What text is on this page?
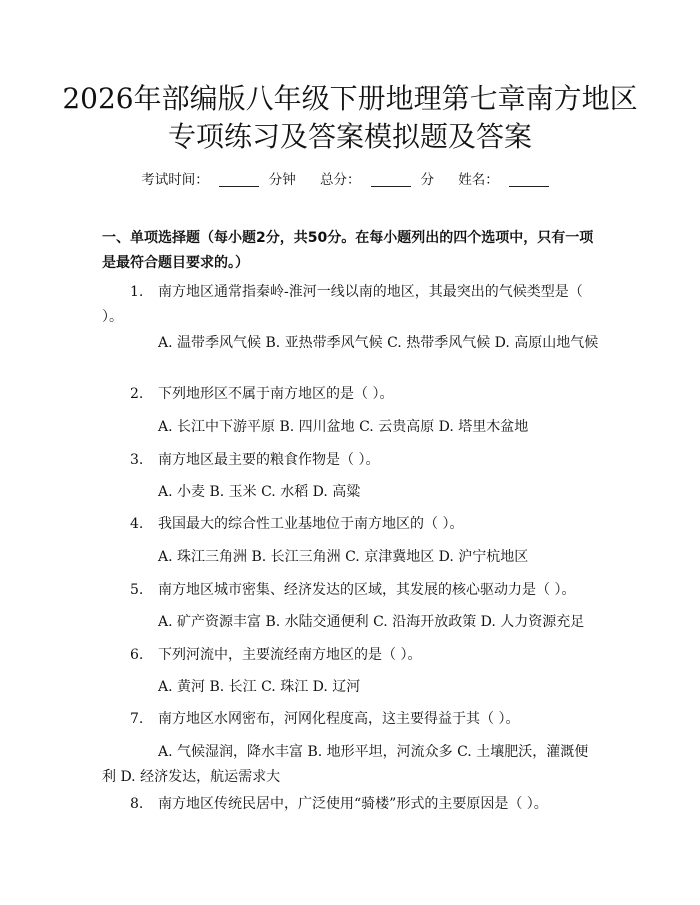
2026年部编版八年级下册地理第七章南方地区专项练习及答案模拟题及答案
考试时间：	分钟 总分：	分 姓名：
一、单项选择题（每小题2分，共50分。在每小题列出的四个选项中，只有一项是最符合题目要求的。）
1. 南方地区通常指秦岭-淮河一线以南的地区，其最突出的气候类型是（ ）。
A. 温带季风气候 B. 亚热带季风气候 C. 热带季风气候 D. 高原山地气候
2. 下列地形区不属于南方地区的是（ ）。
A. 长江中下游平原 B. 四川盆地 C. 云贵高原 D. 塔里木盆地
3. 南方地区最主要的粮食作物是（ ）。
A. 小麦 B. 玉米 C. 水稻 D. 高粱
4. 我国最大的综合性工业基地位于南方地区的（ ）。
A. 珠江三角洲 B. 长江三角洲 C. 京津冀地区 D. 沪宁杭地区
5. 南方地区城市密集、经济发达的区域，其发展的核心驱动力是（ ）。
A. 矿产资源丰富 B. 水陆交通便利 C. 沿海开放政策 D. 人力资源充足
6. 下列河流中，主要流经南方地区的是（ ）。
A. 黄河 B. 长江 C. 珠江 D. 辽河
7. 南方地区水网密布，河网化程度高，这主要得益于其（ ）。
A. 气候湿润，降水丰富 B. 地形平坦，河流众多 C. 土壤肥沃，灌溉便利 D. 经济发达，航运需求大
8. 南方地区传统民居中，广泛使用“骑楼”形式的主要原因是（ ）。
